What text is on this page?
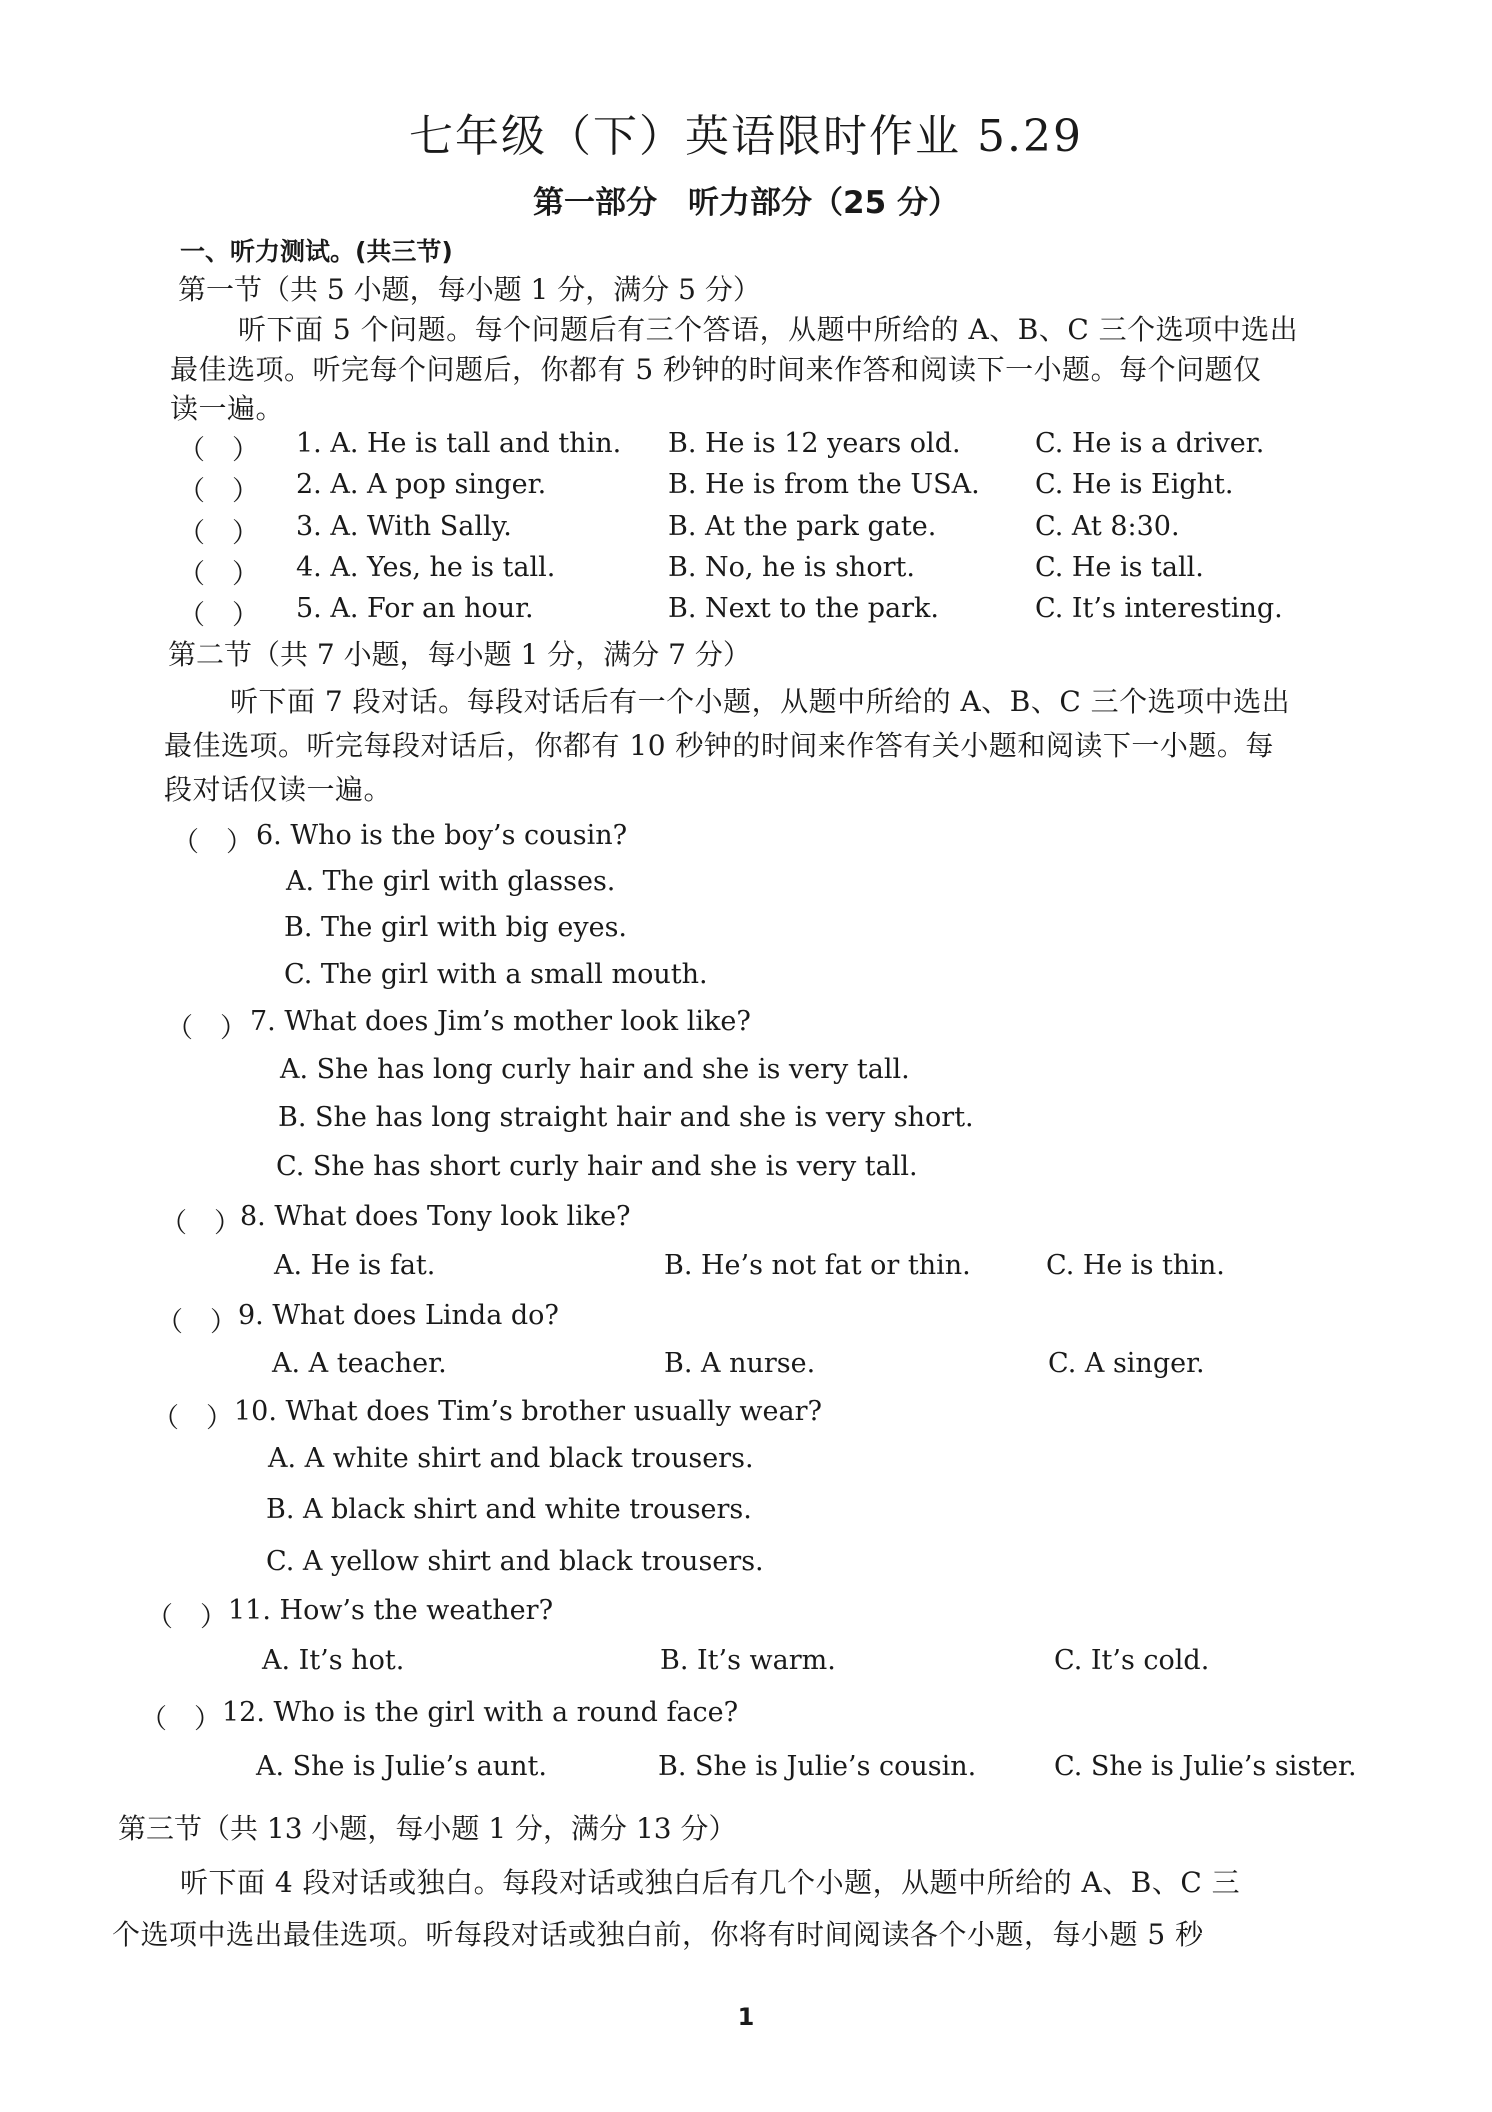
七年级（下）英语限时作业 5.29
第一部分　听力部分（25 分）
一、听力测试。(共三节)
第一节（共 5 小题，每小题 1 分，满分 5 分）
听下面 5 个问题。每个问题后有三个答语，从题中所给的 A、B、C 三个选项中选出
最佳选项。听完每个问题后，你都有 5 秒钟的时间来作答和阅读下一小题。每个问题仅
读一遍。
（　） 1. A. He is tall and thin. B. He is 12 years old.	C. He is a driver.
（　） 2. A. A pop singer.	B. He is from the USA. C. He is Eight.
（　） 3. A. With Sally.	B. At the park gate.	C. At 8:30.
（　） 4. A. Yes, he is tall.	B. No, he is short.	C. He is tall.
（　） 5. A. For an hour.	B. Next to the park.	C. It’s interesting.
第二节（共 7 小题，每小题 1 分，满分 7 分）
听下面 7 段对话。每段对话后有一个小题，从题中所给的 A、B、C 三个选项中选出
最佳选项。听完每段对话后，你都有 10 秒钟的时间来作答有关小题和阅读下一小题。每
段对话仅读一遍。
（　） 6. Who is the boy’s cousin?
A. The girl with glasses.
B. The girl with big eyes.
C. The girl with a small mouth.
（　） 7. What does Jim’s mother look like?
A. She has long curly hair and she is very tall.
B. She has long straight hair and she is very short.
C. She has short curly hair and she is very tall.
（　） 8. What does Tony look like?
A. He is fat.	B. He’s not fat or thin.	C. He is thin.
（　） 9. What does Linda do?
A. A teacher.	B. A nurse.	C. A singer.
（　） 10. What does Tim’s brother usually wear?
A. A white shirt and black trousers.
B. A black shirt and white trousers.
C. A yellow shirt and black trousers.
（　） 11. How’s the weather?
A. It’s hot.	B. It’s warm.	C. It’s cold.
（　） 12. Who is the girl with a round face?
A. She is Julie’s aunt.	B. She is Julie’s cousin.	C. She is Julie’s sister.
第三节（共 13 小题，每小题 1 分，满分 13 分）
听下面 4 段对话或独白。每段对话或独白后有几个小题，从题中所给的 A、B、C 三
个选项中选出最佳选项。听每段对话或独白前，你将有时间阅读各个小题，每小题 5 秒
1
